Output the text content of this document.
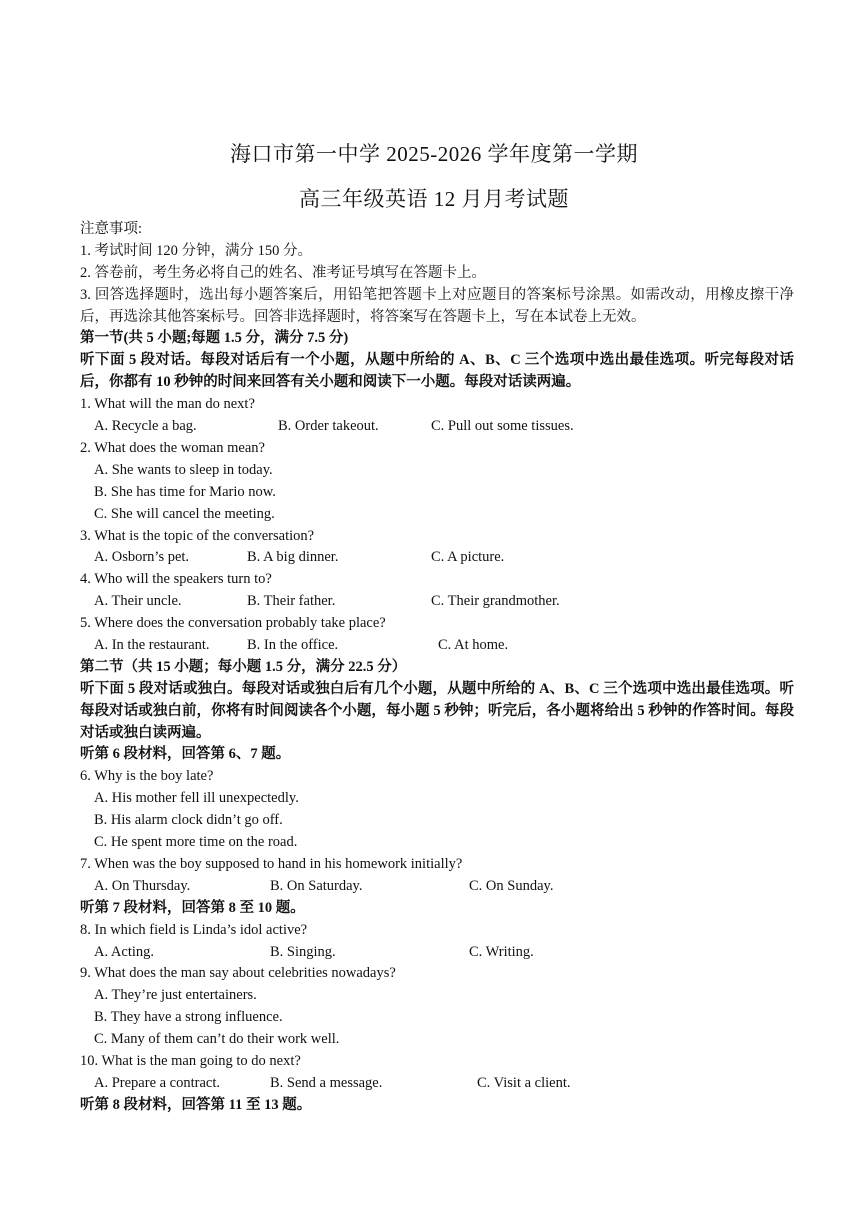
海口市第一中学 2025-2026 学年度第一学期
高三年级英语 12 月月考试题
注意事项:
1. 考试时间 120 分钟，满分 150 分。
2. 答卷前，考生务必将自己的姓名、准考证号填写在答题卡上。
3. 回答选择题时，选出每小题答案后，用铅笔把答题卡上对应题目的答案标号涂黑。如需改动，用橡皮擦干净后，再选涂其他答案标号。回答非选择题时，将答案写在答题卡上，写在本试卷上无效。
第一节(共 5 小题;每题 1.5 分，满分 7.5 分)
听下面 5 段对话。每段对话后有一个小题，从题中所给的 A、B、C 三个选项中选出最佳选项。听完每段对话后，你都有 10 秒钟的时间来回答有关小题和阅读下一小题。每段对话读两遍。
1. What will the man do next?
A. Recycle a bag.	B. Order takeout.	C. Pull out some tissues.
2. What does the woman mean?
A. She wants to sleep in today.
B. She has time for Mario now.
C. She will cancel the meeting.
3. What is the topic of the conversation?
A. Osborn’s pet.	B. A big dinner.	C. A picture.
4. Who will the speakers turn to?
A. Their uncle.	B. Their father.	C. Their grandmother.
5. Where does the conversation probably take place?
A. In the restaurant.	B. In the office.	C. At home.
第二节（共 15 小题；每小题 1.5 分，满分 22.5 分）
听下面 5 段对话或独白。每段对话或独白后有几个小题，从题中所给的 A、B、C 三个选项中选出最佳选项。听每段对话或独白前，你将有时间阅读各个小题，每小题 5 秒钟；听完后，各小题将给出 5 秒钟的作答时间。每段对话或独白读两遍。
听第 6 段材料，回答第 6、7 题。
6. Why is the boy late?
A. His mother fell ill unexpectedly.
B. His alarm clock didn’t go off.
C. He spent more time on the road.
7. When was the boy supposed to hand in his homework initially?
A. On Thursday.	B. On Saturday.	C. On Sunday.
听第 7 段材料，回答第 8 至 10 题。
8. In which field is Linda’s idol active?
A. Acting.	B. Singing.	C. Writing.
9. What does the man say about celebrities nowadays?
A. They’re just entertainers.
B. They have a strong influence.
C. Many of them can’t do their work well.
10. What is the man going to do next?
A. Prepare a contract.	B. Send a message.	C. Visit a client.
听第 8 段材料，回答第 11 至 13 题。
